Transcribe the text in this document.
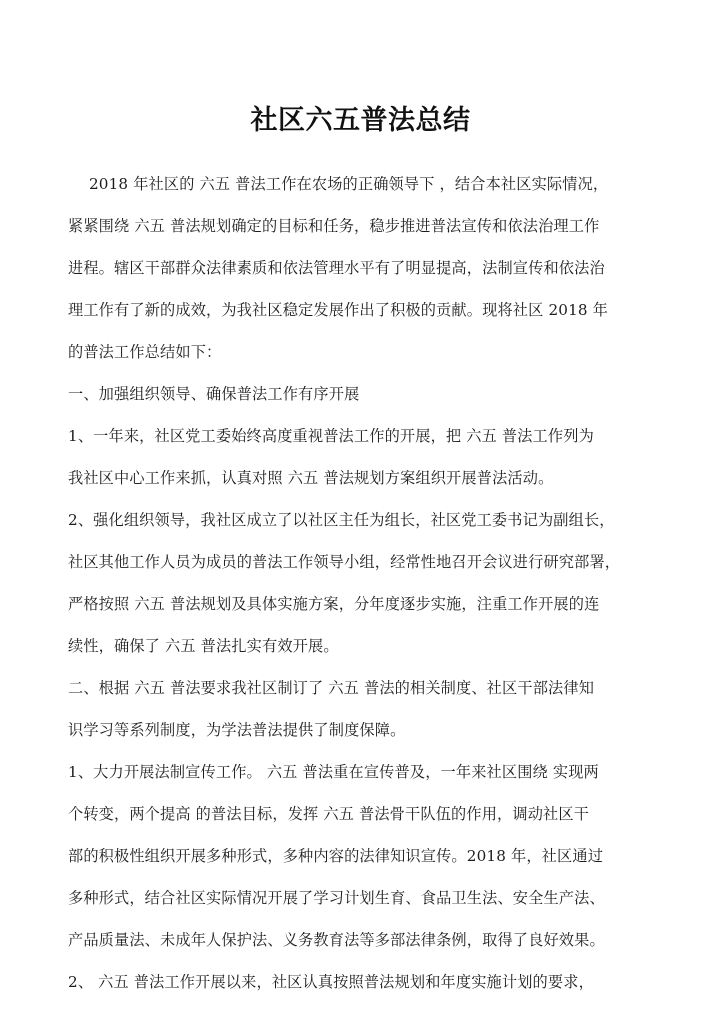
社区六五普法总结
2018 年社区的 六五 普法工作在农场的正确领导下 ，结合本社区实际情况，
紧紧围绕 六五 普法规划确定的目标和任务，稳步推进普法宣传和依法治理工作
进程。辖区干部群众法律素质和依法管理水平有了明显提高，法制宣传和依法治
理工作有了新的成效，为我社区稳定发展作出了积极的贡献。现将社区 2018 年
的普法工作总结如下：
一、加强组织领导、确保普法工作有序开展
1、一年来，社区党工委始终高度重视普法工作的开展，把 六五 普法工作列为
我社区中心工作来抓，认真对照 六五 普法规划方案组织开展普法活动。
2、强化组织领导，我社区成立了以社区主任为组长，社区党工委书记为副组长，
社区其他工作人员为成员的普法工作领导小组，经常性地召开会议进行研究部署，
严格按照 六五 普法规划及具体实施方案，分年度逐步实施，注重工作开展的连
续性，确保了 六五 普法扎实有效开展。
二、根据 六五 普法要求我社区制订了 六五 普法的相关制度、社区干部法律知
识学习等系列制度，为学法普法提供了制度保障。
1、大力开展法制宣传工作。 六五 普法重在宣传普及，一年来社区围绕 实现两
个转变，两个提高 的普法目标，发挥 六五 普法骨干队伍的作用，调动社区干
部的积极性组织开展多种形式，多种内容的法律知识宣传。2018 年，社区通过
多种形式，结合社区实际情况开展了学习计划生育、食品卫生法、安全生产法、
产品质量法、未成年人保护法、义务教育法等多部法律条例，取得了良好效果。
2、 六五 普法工作开展以来，社区认真按照普法规划和年度实施计划的要求，
